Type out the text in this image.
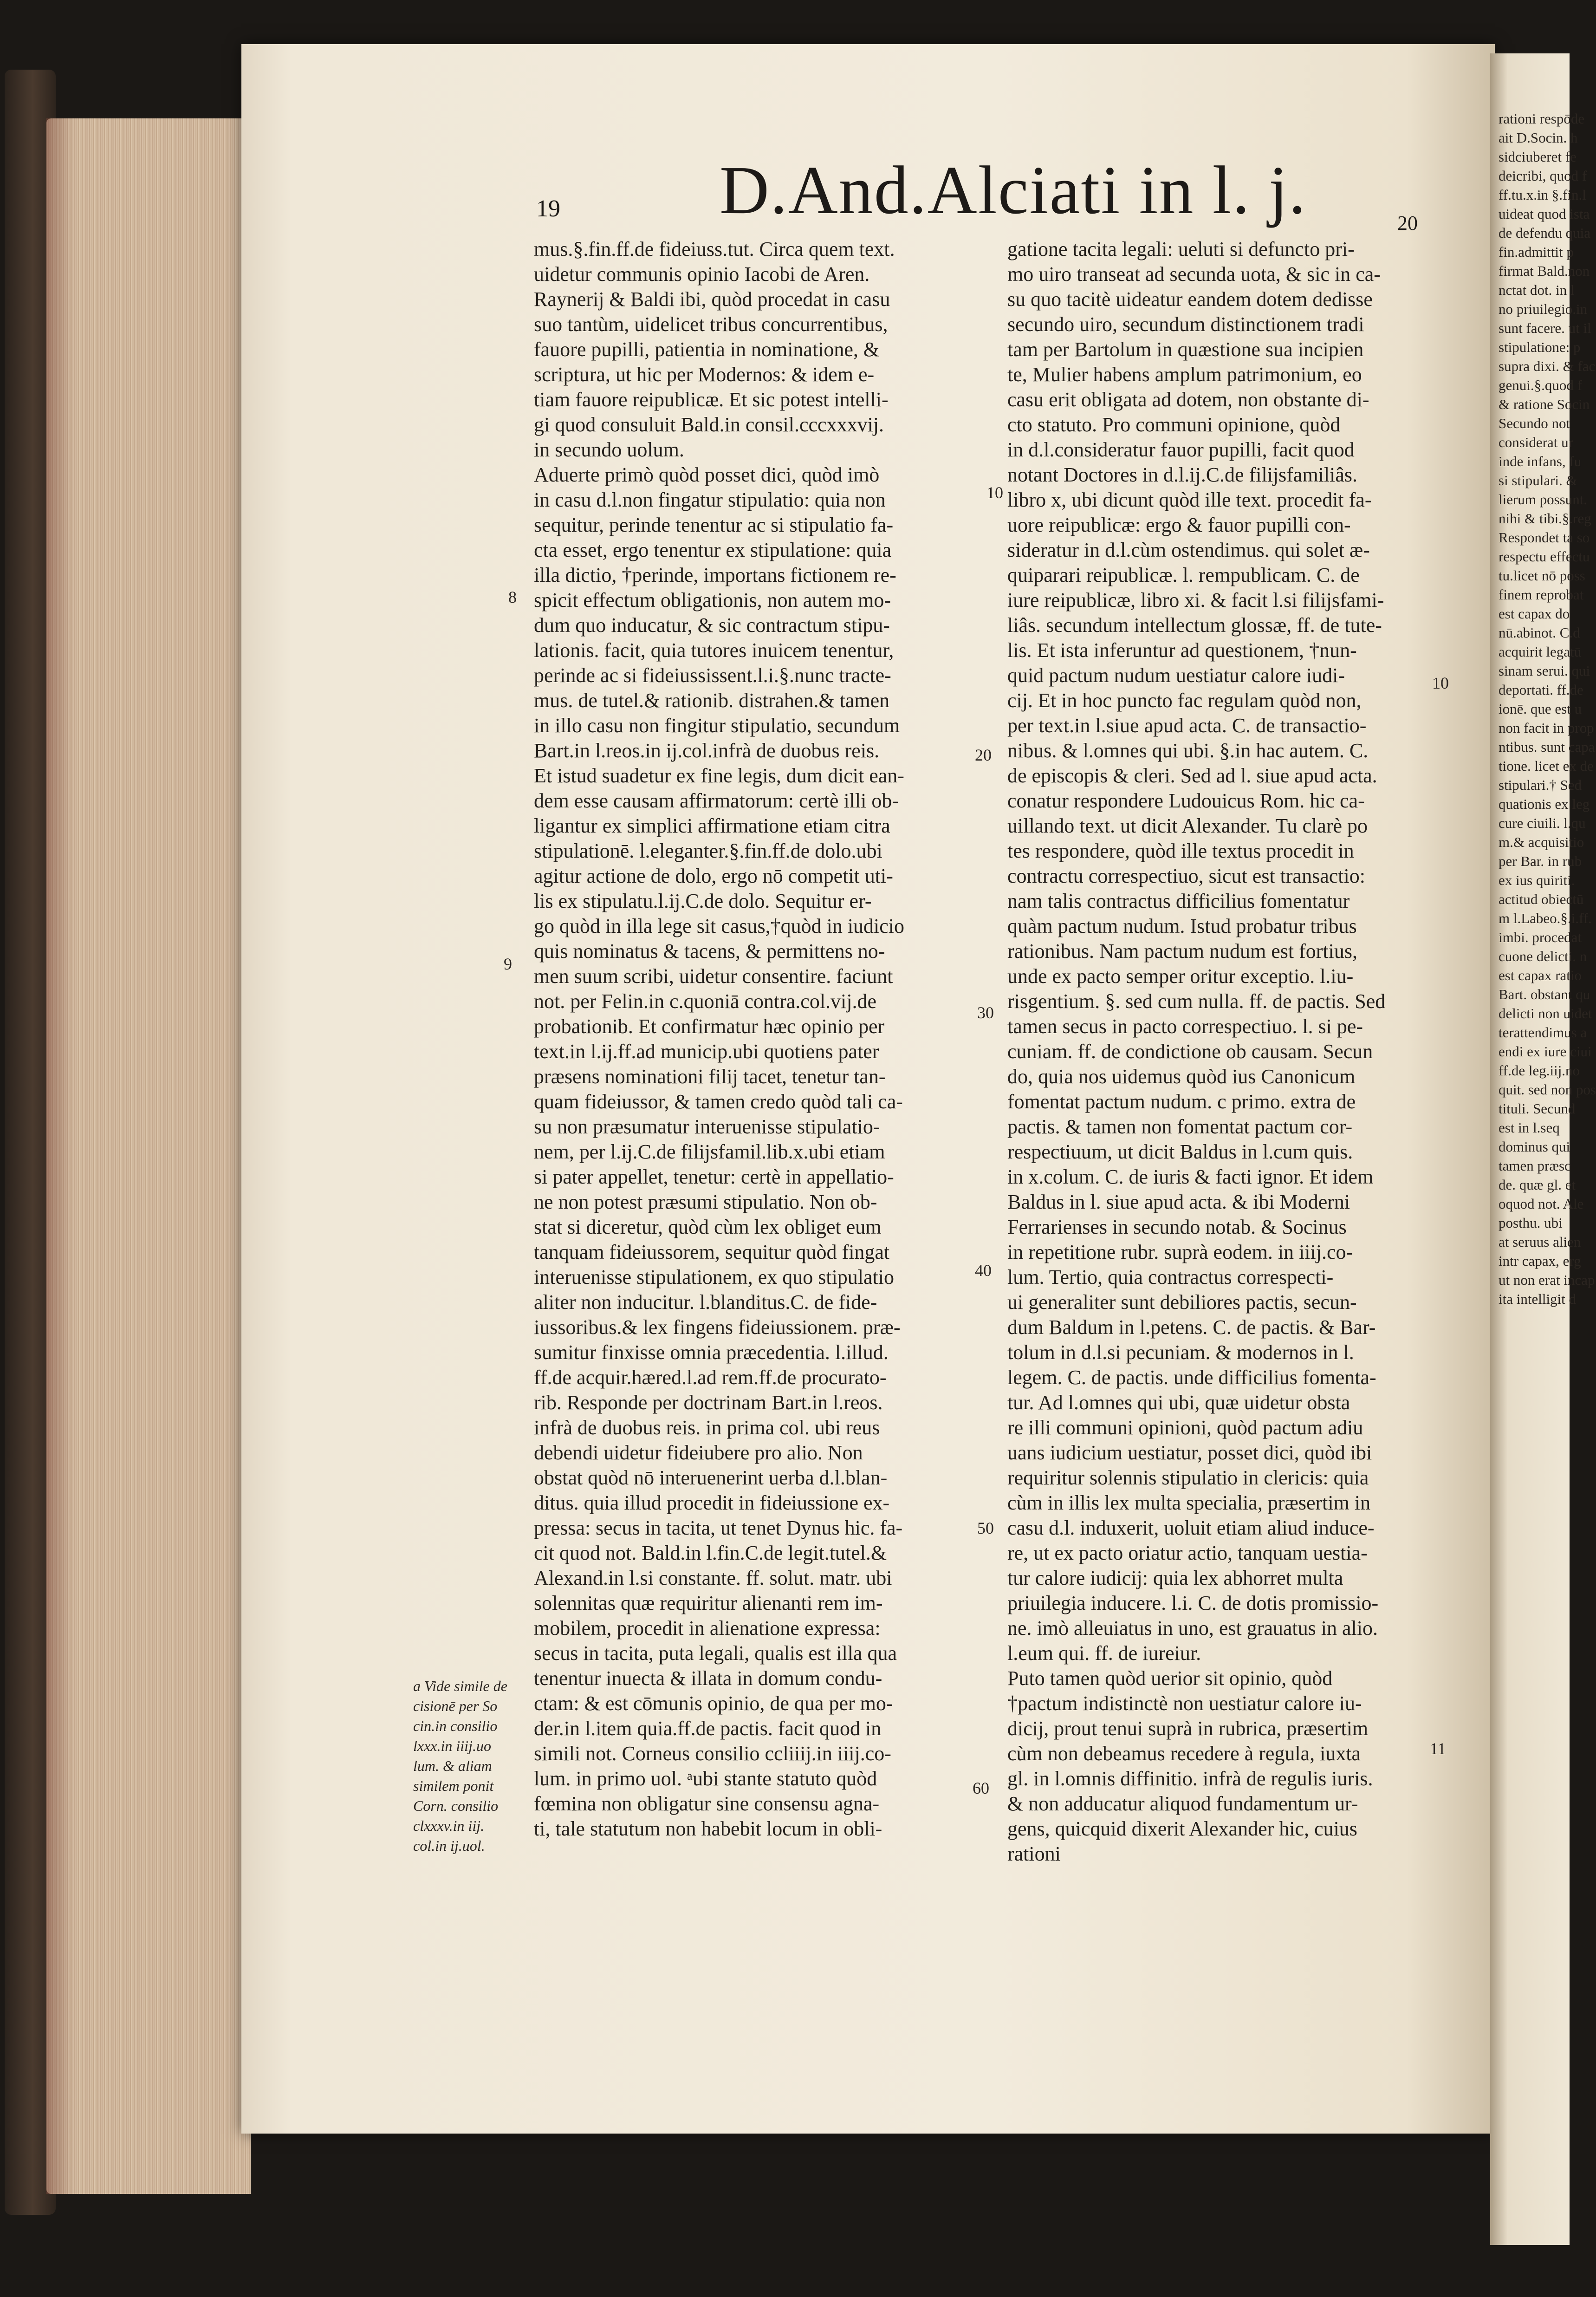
rationi respōde
ait D.Socin. h
sidciuberet fe
deicribi, quod f
ff.tu.x.in §.fin.l
uideat quod ista
de defendu quia
fin.admittit p
firmat Bald.non
nctat dot. in l
no priuilegio.in
sunt facere. ut il
stipulatione: p
supra dixi. & fac
genui.§.quod f
& ratione Socin
Secundo not
considerat ur
inde infans, fu
si stipulari. &
lierum possunt.
nihi & tibi.§.reg
Respondet ta so
respectu effectu
tu.licet nō poss
finem reprobat
est capax do
nū.abinot. C.d
acquirit legatū
sinam serui. qui
deportati. ff.de
ionē. que est u
non facit in prop
ntibus. sunt capa
tione. licet ex de
stipulari.† Sed
quationis ex leg
cure ciuili. l.qu
m.& acquisitio
per Bar. in rub
ex ius quiriti.
actitud obiectū
m l.Labeo.§.i.ff.
imbi. procedat
cuone delicti. n
est capax ratio
Bart. obstant qu
delicti non uidet
terattendimus a
endi ex iure ciui
ff.de leg.iij.no
quit. sed non pos
tituli. Secund
est in l.seq
dominus qui
tamen præsc
de. quæ gl. et
oquod not. Ale
posthu. ubi
at seruus alien
intr capax, erg
ut non erat incap
ita intelligit d
19 D.And.Alciati in l. j.	20
mus.§.fin.ff.de fideiuss.tut. Circa quem text.
uidetur communis opinio Iacobi de Aren.
Raynerij & Baldi ibi, quòd procedat in casu
suo tantùm, uidelicet tribus concurrentibus,
fauore pupilli, patientia in nominatione, &
scriptura, ut hic per Modernos: & idem e-
tiam fauore reipublicæ. Et sic potest intelli-
gi quod consuluit Bald.in consil.cccxxxvij.
in secundo uolum.
Aduerte primò quòd posset dici, quòd imò
in casu d.l.non fingatur stipulatio: quia non
sequitur, perinde tenentur ac si stipulatio fa-
cta esset, ergo tenentur ex stipulatione: quia
illa dictio, †perinde, importans fictionem re-
spicit effectum obligationis, non autem mo-
dum quo inducatur, & sic contractum stipu-
lationis. facit, quia tutores inuicem tenentur,
perinde ac si fideiussissent.l.i.§.nunc tracte-
mus. de tutel.& rationib. distrahen.& tamen
in illo casu non fingitur stipulatio, secundum
Bart.in l.reos.in ij.col.infrà de duobus reis.
Et istud suadetur ex fine legis, dum dicit ean-
dem esse causam affirmatorum: certè illi ob-
ligantur ex simplici affirmatione etiam citra
stipulationē. l.eleganter.§.fin.ff.de dolo.ubi
agitur actione de dolo, ergo nō competit uti-
lis ex stipulatu.l.ij.C.de dolo. Sequitur er-
go quòd in illa lege sit casus,†quòd in iudicio
quis nominatus & tacens, & permittens no-
men suum scribi, uidetur consentire. faciunt
not. per Felin.in c.quoniā contra.col.vij.de
probationib. Et confirmatur hæc opinio per
text.in l.ij.ff.ad municip.ubi quotiens pater
præsens nominationi filij tacet, tenetur tan-
quam fideiussor, & tamen credo quòd tali ca-
su non præsumatur interuenisse stipulatio-
nem, per l.ij.C.de filijsfamil.lib.x.ubi etiam
si pater appellet, tenetur: certè in appellatio-
ne non potest præsumi stipulatio. Non ob-
stat si diceretur, quòd cùm lex obliget eum
tanquam fideiussorem, sequitur quòd fingat
interuenisse stipulationem, ex quo stipulatio
aliter non inducitur. l.blanditus.C. de fide-
iussoribus.& lex fingens fideiussionem. præ-
sumitur finxisse omnia præcedentia. l.illud.
ff.de acquir.hæred.l.ad rem.ff.de procurato-
rib. Responde per doctrinam Bart.in l.reos.
infrà de duobus reis. in prima col. ubi reus
debendi uidetur fideiubere pro alio. Non
obstat quòd nō interuenerint uerba d.l.blan-
ditus. quia illud procedit in fideiussione ex-
pressa: secus in tacita, ut tenet Dynus hic. fa-
cit quod not. Bald.in l.fin.C.de legit.tutel.&
Alexand.in l.si constante. ff. solut. matr. ubi
solennitas quæ requiritur alienanti rem im-
mobilem, procedit in alienatione expressa:
secus in tacita, puta legali, qualis est illa qua
tenentur inuecta & illata in domum condu-
ctam: & est cōmunis opinio, de qua per mo-
der.in l.item quia.ff.de pactis. facit quod in
simili not. Corneus consilio ccliiij.in iiij.co-
lum. in primo uol. ᵃubi stante statuto quòd
fœmina non obligatur sine consensu agna-
ti, tale statutum non habebit locum in obli-
gatione tacita legali: ueluti si defuncto pri-
mo uiro transeat ad secunda uota, & sic in ca-
su quo tacitè uideatur eandem dotem dedisse
secundo uiro, secundum distinctionem tradi
tam per Bartolum in quæstione sua incipien
te, Mulier habens amplum patrimonium, eo
casu erit obligata ad dotem, non obstante di-
cto statuto. Pro communi opinione, quòd
in d.l.consideratur fauor pupilli, facit quod
notant Doctores in d.l.ij.C.de filijsfamiliâs.
libro x, ubi dicunt quòd ille text. procedit fa-
uore reipublicæ: ergo & fauor pupilli con-
sideratur in d.l.cùm ostendimus. qui solet æ-
quiparari reipublicæ. l. rempublicam. C. de
iure reipublicæ, libro xi. & facit l.si filijsfami-
liâs. secundum intellectum glossæ, ff. de tute-
lis. Et ista inferuntur ad questionem, †nun-
quid pactum nudum uestiatur calore iudi-
cij. Et in hoc puncto fac regulam quòd non,
per text.in l.siue apud acta. C. de transactio-
nibus. & l.omnes qui ubi. §.in hac autem. C.
de episcopis & cleri. Sed ad l. siue apud acta.
conatur respondere Ludouicus Rom. hic ca-
uillando text. ut dicit Alexander. Tu clarè po
tes respondere, quòd ille textus procedit in
contractu correspectiuo, sicut est transactio:
nam talis contractus difficilius fomentatur
quàm pactum nudum. Istud probatur tribus
rationibus. Nam pactum nudum est fortius,
unde ex pacto semper oritur exceptio. l.iu-
risgentium. §. sed cum nulla. ff. de pactis. Sed
tamen secus in pacto correspectiuo. l. si pe-
cuniam. ff. de condictione ob causam. Secun
do, quia nos uidemus quòd ius Canonicum
fomentat pactum nudum. c primo. extra de
pactis. & tamen non fomentat pactum cor-
respectiuum, ut dicit Baldus in l.cum quis.
in x.colum. C. de iuris & facti ignor. Et idem
Baldus in l. siue apud acta. & ibi Moderni
Ferrarienses in secundo notab. & Socinus
in repetitione rubr. suprà eodem. in iiij.co-
lum. Tertio, quia contractus correspecti-
ui generaliter sunt debiliores pactis, secun-
dum Baldum in l.petens. C. de pactis. & Bar-
tolum in d.l.si pecuniam. & modernos in l.
legem. C. de pactis. unde difficilius fomenta-
tur. Ad l.omnes qui ubi, quæ uidetur obsta
re illi communi opinioni, quòd pactum adiu
uans iudicium uestiatur, posset dici, quòd ibi
requiritur solennis stipulatio in clericis: quia
cùm in illis lex multa specialia, præsertim in
casu d.l. induxerit, uoluit etiam aliud induce-
re, ut ex pacto oriatur actio, tanquam uestia-
tur calore iudicij: quia lex abhorret multa
priuilegia inducere. l.i. C. de dotis promissio-
ne. imò alleuiatus in uno, est grauatus in alio.
l.eum qui. ff. de iureiur.
Puto tamen quòd uerior sit opinio, quòd
†pactum indistinctè non uestiatur calore iu-
dicij, prout tenui suprà in rubrica, præsertim
cùm non debeamus recedere à regula, iuxta
gl. in l.omnis diffinitio. infrà de regulis iuris.
& non adducatur aliquod fundamentum ur-
gens, quicquid dixerit Alexander hic, cuius
rationi
8
9
10
20
30
40
50
60
10
11
a Vide simile de
cisionē per So
cin.in consilio
lxxx.in iiij.uo
lum. & aliam
similem ponit
Corn. consilio
clxxxv.in iij.
col.in ij.uol.
